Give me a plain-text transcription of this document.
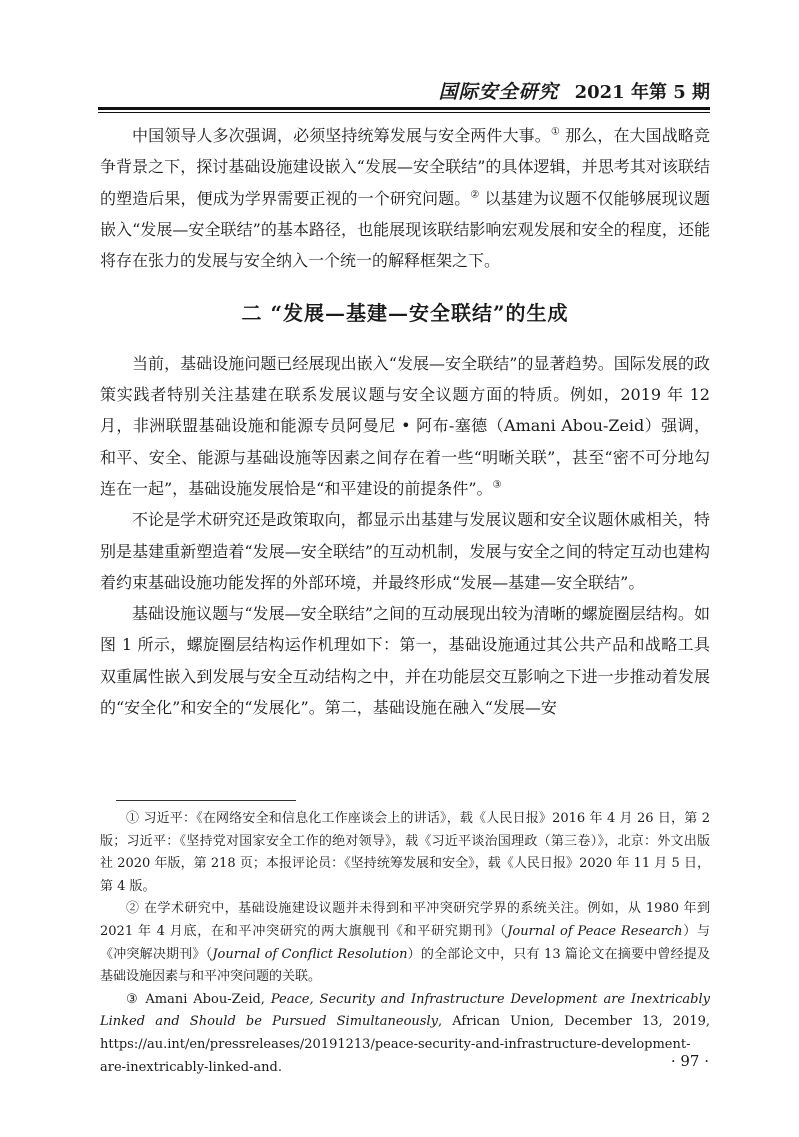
国际安全研究 2021 年第 5 期

中国领导人多次强调，必须坚持统筹发展与安全两件大事。① 那么，在大国战略竞争背景之下，探讨基础设施建设嵌入“发展—安全联结”的具体逻辑，并思考其对该联结的塑造后果，便成为学界需要正视的一个研究问题。② 以基建为议题不仅能够展现议题嵌入“发展—安全联结”的基本路径，也能展现该联结影响宏观发展和安全的程度，还能将存在张力的发展与安全纳入一个统一的解释框架之下。

二 “发展—基建—安全联结”的生成

当前，基础设施问题已经展现出嵌入“发展—安全联结”的显著趋势。国际发展的政策实践者特别关注基建在联系发展议题与安全议题方面的特质。例如，2019 年 12 月，非洲联盟基础设施和能源专员阿曼尼 • 阿布-塞德（Amani Abou-Zeid）强调，和平、安全、能源与基础设施等因素之间存在着一些“明晰关联”，甚至“密不可分地勾连在一起”，基础设施发展恰是“和平建设的前提条件”。③

不论是学术研究还是政策取向，都显示出基建与发展议题和安全议题休戚相关，特别是基建重新塑造着“发展—安全联结”的互动机制，发展与安全之间的特定互动也建构着约束基础设施功能发挥的外部环境，并最终形成“发展—基建—安全联结”。

基础设施议题与“发展—安全联结”之间的互动展现出较为清晰的螺旋圈层结构。如图 1 所示，螺旋圈层结构运作机理如下：第一，基础设施通过其公共产品和战略工具双重属性嵌入到发展与安全互动结构之中，并在功能层交互影响之下进一步推动着发展的“安全化”和安全的“发展化”。第二，基础设施在融入“发展—安

① 习近平：《在网络安全和信息化工作座谈会上的讲话》，载《人民日报》2016 年 4 月 26 日，第 2 版；习近平：《坚持党对国家安全工作的绝对领导》，载《习近平谈治国理政（第三卷）》，北京：外文出版社 2020 年版，第 218 页；本报评论员：《坚持统筹发展和安全》，载《人民日报》2020 年 11 月 5 日，第 4 版。

② 在学术研究中，基础设施建设议题并未得到和平冲突研究学界的系统关注。例如，从 1980 年到 2021 年 4 月底，在和平冲突研究的两大旗舰刊《和平研究期刊》（Journal of Peace Research）与《冲突解决期刊》（Journal of Conflict Resolution）的全部论文中，只有 13 篇论文在摘要中曾经提及基础设施因素与和平冲突问题的关联。

③ Amani Abou-Zeid, Peace, Security and Infrastructure Development are Inextricably Linked and Should be Pursued Simultaneously, African Union, December 13, 2019, https://au.int/en/pressreleases/20191213/peace-security-and-infrastructure-development-are-inextricably-linked-and.	· 97 ·
